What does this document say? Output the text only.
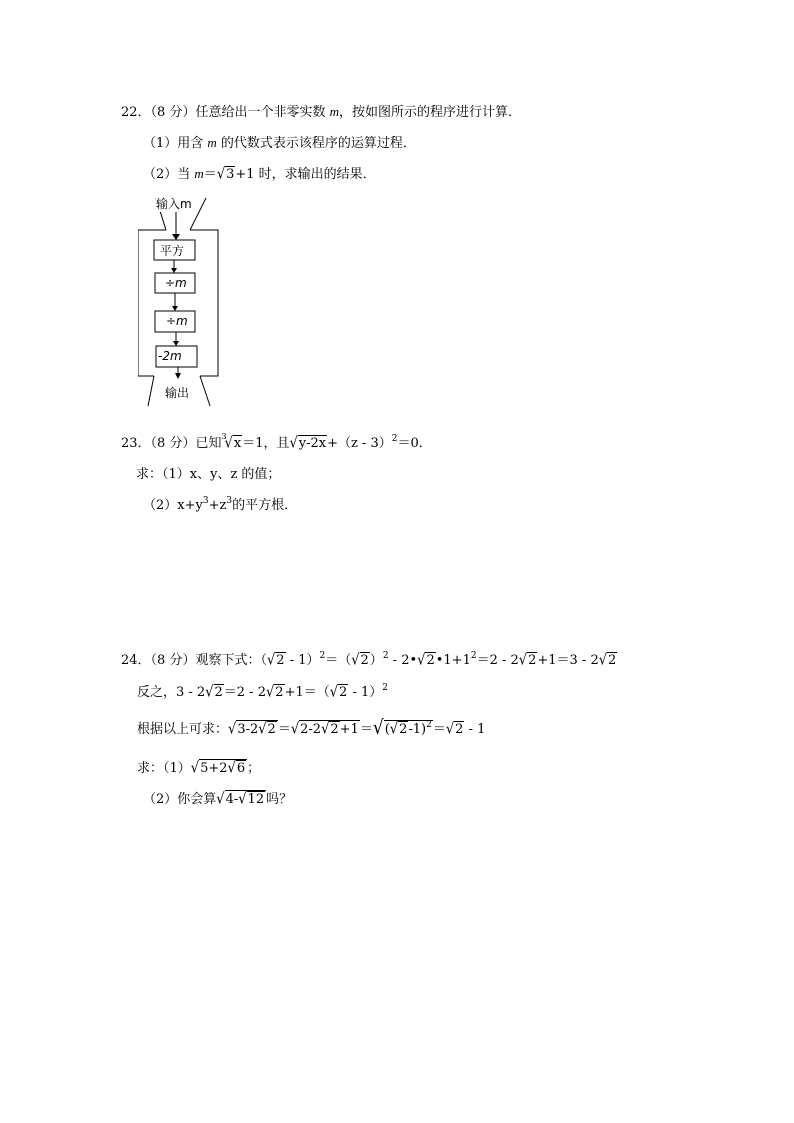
22．（8 分）任意给出一个非零实数 m，按如图所示的程序进行计算．
（1）用含 m 的代数式表示该程序的运算过程．
（2）当 m＝√3+1 时，求输出的结果．
输入m
平方
÷m
÷m
-2m
输出
23．（8 分）已知$^3$√x＝1，且√y-2x+（z - 3）$^2$＝0．
求：（1）x、y、z 的值；
$(2)x+y^3+z^3$的平方根．
24．（8 分）观察下式：$(√2 - 1)^2=(√2)^2$ - $2•√2•1+1^2=2 - 2√2+1=3 - 2√2$
反之，3 - 2√2＝2 - 2√2+1＝（√2 - 1）$^2$
根据以上可求：$√3-2√2 =√2-2√2+1=√(√2-1)^2=√2 - 1$
求：（1）√5+2√6 ；
（2）你会算√4-√12 吗？
